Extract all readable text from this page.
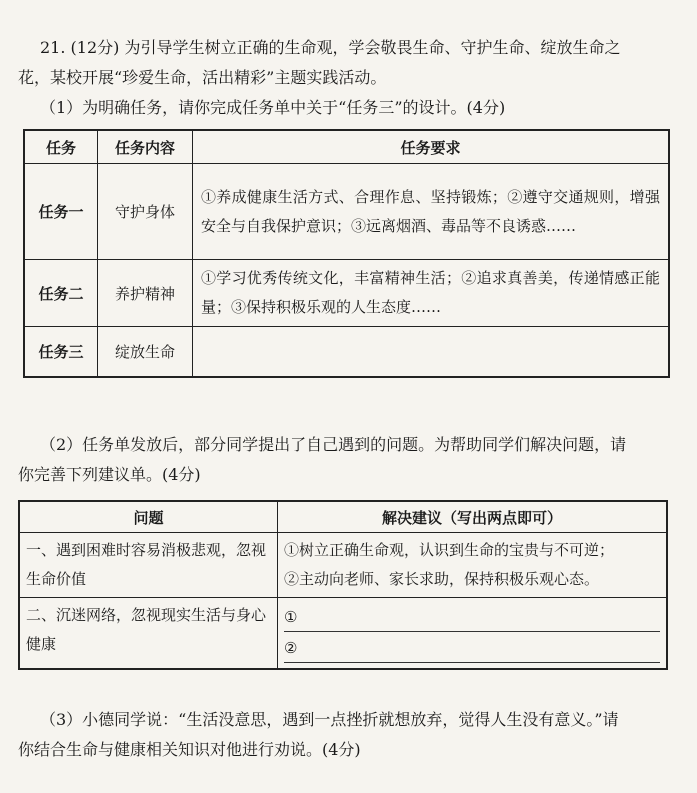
21. (12分) 为引导学生树立正确的生命观，学会敬畏生命、守护生命、绽放生命之

花，某校开展“珍爱生命，活出精彩”主题实践活动。

（1）为明确任务，请你完成任务单中关于“任务三”的设计。(4分)

任务	任务内容	任务要求
任务一	守护身体	①养成健康生活方式、合理作息、坚持锻炼；②遵守交通规则，增强安全与自我保护意识；③远离烟酒、毒品等不良诱惑……
任务二	养护精神	①学习优秀传统文化，丰富精神生活；②追求真善美，传递情感正能量；③保持积极乐观的人生态度……
任务三	绽放生命	

（2）任务单发放后，部分同学提出了自己遇到的问题。为帮助同学们解决问题，请

你完善下列建议单。(4分)

问题	解决建议（写出两点即可）
一、遇到困难时容易消极悲观，忽视生命价值	①树立正确生命观，认识到生命的宝贵与不可逆；
②主动向老师、家长求助，保持积极乐观心态。

二、沉迷网络，忽视现实生活与身心健康	①
②

（3）小德同学说：“生活没意思，遇到一点挫折就想放弃，觉得人生没有意义。”请

你结合生命与健康相关知识对他进行劝说。(4分)
